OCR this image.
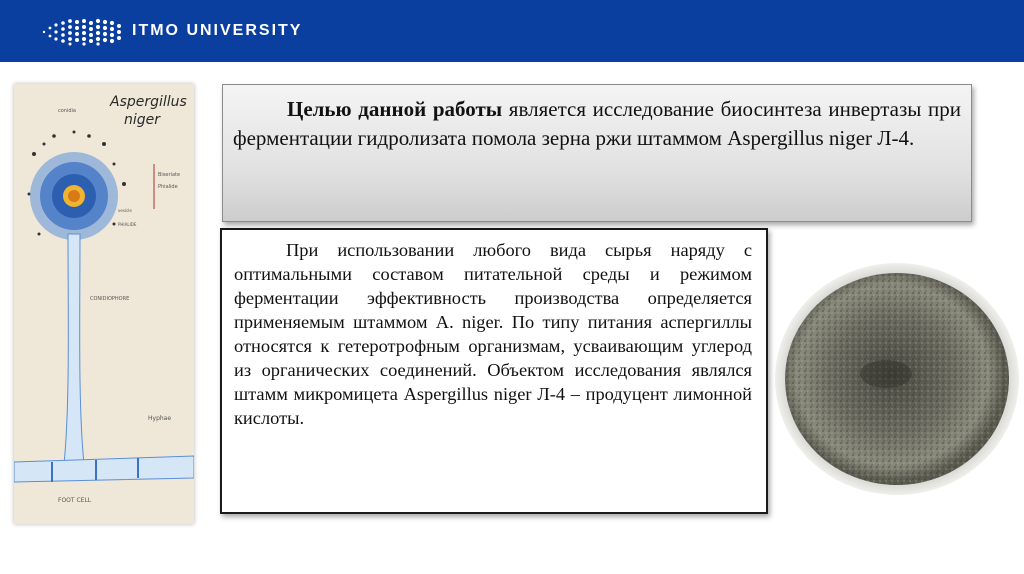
ITMO UNIVERSITY
Aspergillus
niger
conidia
Biseriate
Phialide
PHIALIDE
vesicle
CONIDIOPHORE
Hyphae
FOOT CELL

Целью данной работы является исследование биосинтеза инвертазы при ферментации гидролизата помола зерна ржи штаммом Aspergillus niger Л-4.

При использовании любого вида сырья наряду с оптимальными составом питательной среды и режимом ферментации эффективность производства определяется применяемым штаммом A. niger. По типу питания аспергиллы относятся к гетеротрофным организмам, усваивающим углерод из органических соединений. Объектом исследования являлся штамм микромицета Aspergillus niger Л-4 – продуцент лимонной кислоты.
